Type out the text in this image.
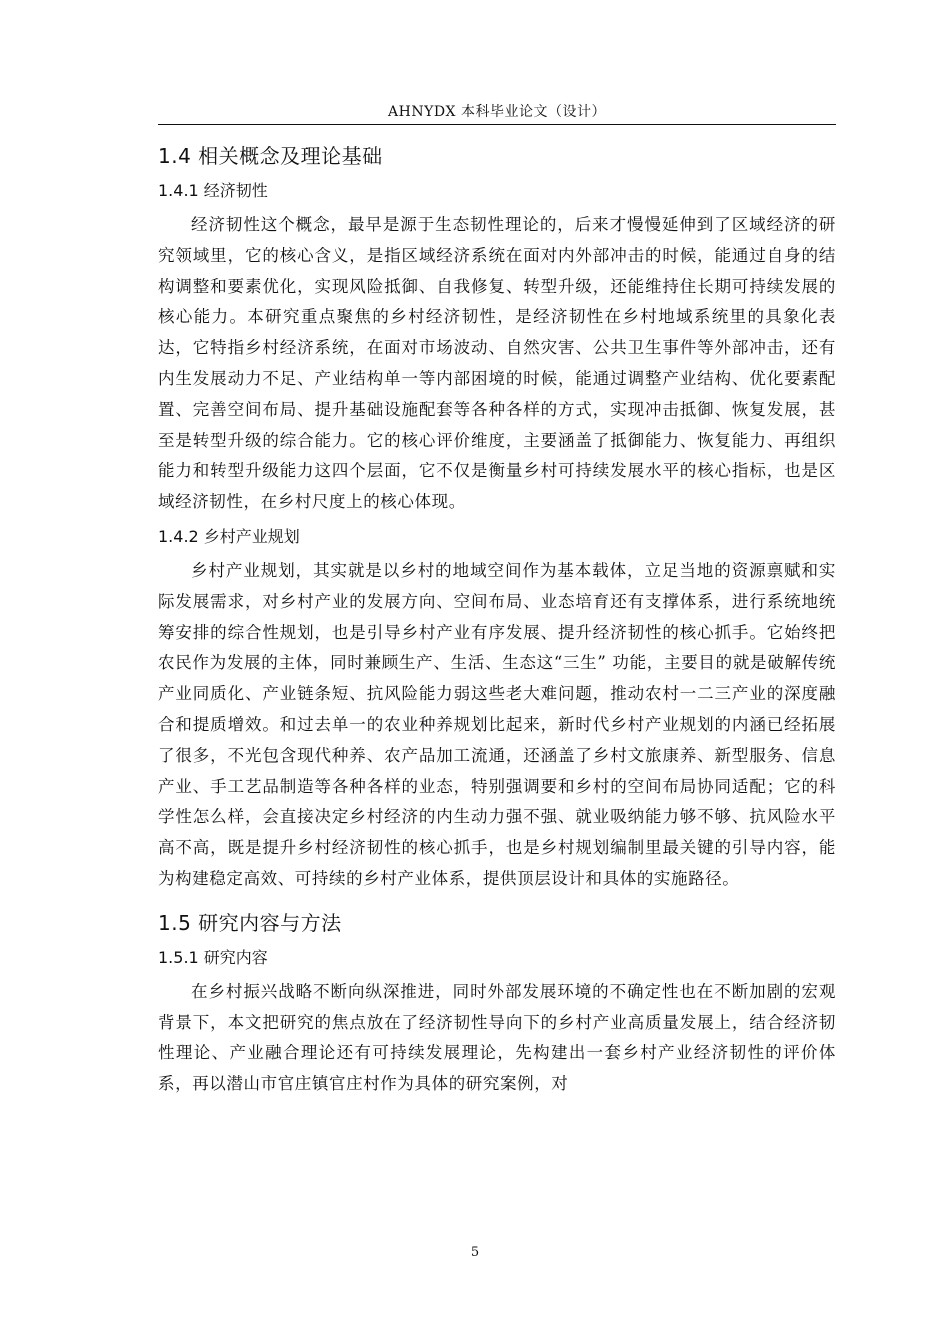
AHNYDX 本科毕业论文（设计）
1.4 相关概念及理论基础
1.4.1 经济韧性

经济韧性这个概念，最早是源于生态韧性理论的，后来才慢慢延伸到了区域经济的研究领域里，它的核心含义，是指区域经济系统在面对内外部冲击的时候，能通过自身的结构调整和要素优化，实现风险抵御、自我修复、转型升级，还能维持住长期可持续发展的核心能力。本研究重点聚焦的乡村经济韧性，是经济韧性在乡村地域系统里的具象化表达，它特指乡村经济系统，在面对市场波动、自然灾害、公共卫生事件等外部冲击，还有内生发展动力不足、产业结构单一等内部困境的时候，能通过调整产业结构、优化要素配置、完善空间布局、提升基础设施配套等各种各样的方式，实现冲击抵御、恢复发展，甚至是转型升级的综合能力。它的核心评价维度，主要涵盖了抵御能力、恢复能力、再组织能力和转型升级能力这四个层面，它不仅是衡量乡村可持续发展水平的核心指标，也是区域经济韧性，在乡村尺度上的核心体现。

1.4.2 乡村产业规划

乡村产业规划，其实就是以乡村的地域空间作为基本载体，立足当地的资源禀赋和实际发展需求，对乡村产业的发展方向、空间布局、业态培育还有支撑体系，进行系统地统筹安排的综合性规划，也是引导乡村产业有序发展、提升经济韧性的核心抓手。它始终把农民作为发展的主体，同时兼顾生产、生活、生态这“三生” 功能，主要目的就是破解传统产业同质化、产业链条短、抗风险能力弱这些老大难问题，推动农村一二三产业的深度融合和提质增效。和过去单一的农业种养规划比起来，新时代乡村产业规划的内涵已经拓展了很多，不光包含现代种养、农产品加工流通，还涵盖了乡村文旅康养、新型服务、信息产业、手工艺品制造等各种各样的业态，特别强调要和乡村的空间布局协同适配；它的科学性怎么样，会直接决定乡村经济的内生动力强不强、就业吸纳能力够不够、抗风险水平高不高，既是提升乡村经济韧性的核心抓手，也是乡村规划编制里最关键的引导内容，能为构建稳定高效、可持续的乡村产业体系，提供顶层设计和具体的实施路径。

1.5 研究内容与方法
1.5.1 研究内容

在乡村振兴战略不断向纵深推进，同时外部发展环境的不确定性也在不断加剧的宏观背景下，本文把研究的焦点放在了经济韧性导向下的乡村产业高质量发展上，结合经济韧性理论、产业融合理论还有可持续发展理论，先构建出一套乡村产业经济韧性的评价体系，再以潜山市官庄镇官庄村作为具体的研究案例，对

5
